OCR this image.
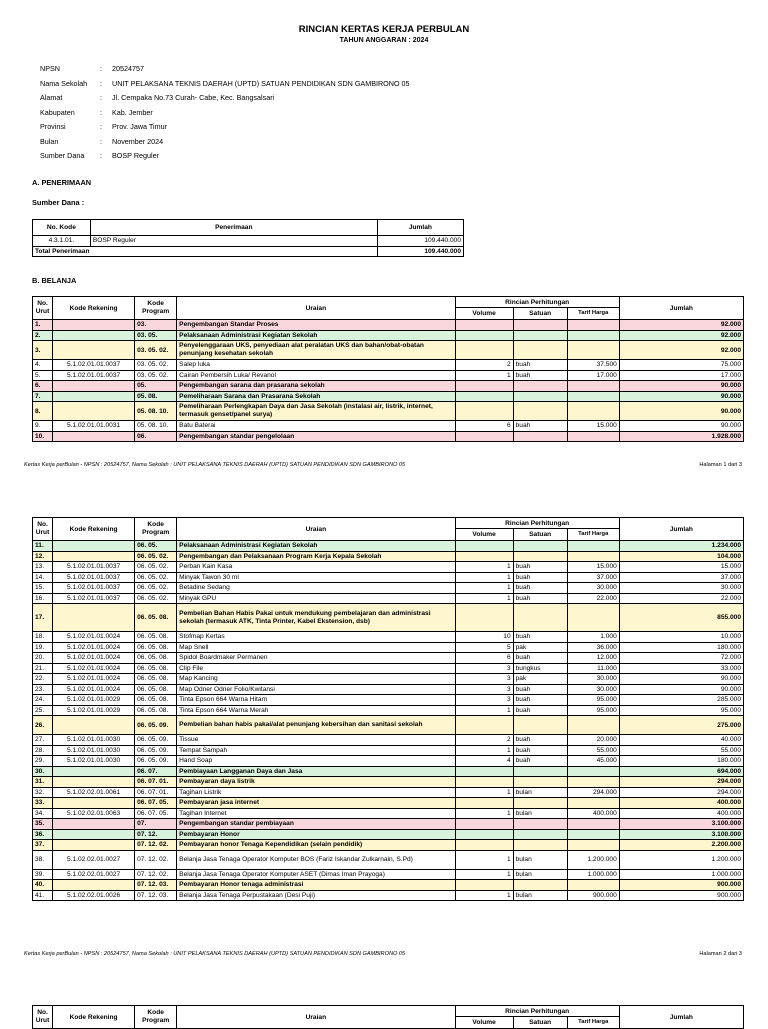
RINCIAN KERTAS KERJA PERBULAN
TAHUN ANGGARAN : 2024
NPSN	:	20524757
Nama Sekolah	:	UNIT PELAKSANA TEKNIS DAERAH (UPTD) SATUAN PENDIDIKAN SDN GAMBIRONO 05
Alamat	:	Jl. Cempaka No.73 Curah- Cabe, Kec. Bangsalsari
Kabupaten	:	Kab. Jember
Provinsi	:	Prov. Jawa Timur
Bulan	:	November 2024
Sumber Dana	:	BOSP Reguler
A. PENERIMAAN
Sumber Dana :
No. Kode	Penerimaan	Jumlah
4.3.1.01.	BOSP Reguler	109.440.000
Total Penerimaan		109.440.000
B. BELANJA
No. Urut	Kode Rekening	Kode Program	Uraian	Rincian Perhitungan			Jumlah
				Volume	Satuan	Tarif Harga	
1.		03.	Pengembangan Standar Proses				92.000
2.		03. 05.	Pelaksanaan Administrasi Kegiatan Sekolah				92.000
3.		03. 05. 02.	Penyelenggaraan UKS, penyediaan alat peralatan UKS dan bahan/obat-obatan penunjang kesehatan sekolah				92.000
4.	5.1.02.01.01.0037	03. 05. 02.	Salep luka	2	buah	37.500	75.000
5.	5.1.02.01.01.0037	03. 05. 02.	Cairan Pembersih Luka/ Revanol	1	buah	17.000	17.000
6.		05.	Pengembangan sarana dan prasarana sekolah				90.000
7.		05. 08.	Pemeliharaan Sarana dan Prasarana Sekolah				90.000
8.		05. 08. 10.	Pemeliharaan Perlengkapan Daya dan Jasa Sekolah (instalasi air, listrik, internet, termasuk genset/panel surya)				90.000
9.	5.1.02.01.01.0031	05. 08. 10.	Batu Baterai	6	buah	15.000	90.000
10.		06.	Pengembangan standar pengelolaan				1.928.000
Kertas Kerja perBulan - NPSN : 20524757, Nama Sekolah : UNIT PELAKSANA TEKNIS DAERAH (UPTD) SATUAN PENDIDIKAN SDN GAMBIRONO 05	Halaman 1 dari 3
No. Urut	Kode Rekening	Kode Program	Uraian	Rincian Perhitungan			Jumlah
				Volume	Satuan	Tarif Harga	
11.		06. 05.	Pelaksanaan Administrasi Kegiatan Sekolah				1.234.000
12.		06. 05. 02.	Pengembangan dan Pelaksanaan Program Kerja Kepala Sekolah				104.000
13.	5.1.02.01.01.0037	06. 05. 02.	Perban Kain Kasa	1	buah	15.000	15.000
14.	5.1.02.01.01.0037	06. 05. 02.	Minyak Tawon 30 ml	1	buah	37.000	37.000
15.	5.1.02.01.01.0037	06. 05. 02.	Betadine Sedang	1	buah	30.000	30.000
16.	5.1.02.01.01.0037	06. 05. 02.	Minyak GPU	1	buah	22.000	22.000
17.		06. 05. 08.	Pembelian Bahan Habis Pakai untuk mendukung pembelajaran dan administrasi sekolah (termasuk ATK, Tinta Printer, Kabel Ekstension, dsb)				855.000
18.	5.1.02.01.01.0024	06. 05. 08.	Stofmap Kertas	10	buah	1.000	10.000
19.	5.1.02.01.01.0024	06. 05. 08.	Map Snell	5	pak	36.000	180.000
20.	5.1.02.01.01.0024	06. 05. 08.	Spidol Boardmaker Permanen	6	buah	12.000	72.000
21.	5.1.02.01.01.0024	06. 05. 08.	Clip File	3	bungkus	11.000	33.000
22.	5.1.02.01.01.0024	06. 05. 08.	Map Kancing	3	pak	30.000	90.000
23.	5.1.02.01.01.0024	06. 05. 08.	Map Odner Odner Folio/Kwitansi	3	buah	30.000	90.000
24.	5.1.02.01.01.0029	06. 05. 08.	Tinta Epson 664 Warna Hitam	3	buah	95.000	285.000
25.	5.1.02.01.01.0029	06. 05. 08.	Tinta Epson 664 Warna Merah	1	buah	95.000	95.000
26.		06. 05. 09.	Pembelian bahan habis pakai/alat penunjang kebersihan dan sanitasi sekolah				275.000
27.	5.1.02.01.01.0030	06. 05. 09.	Tissue	2	buah	20.000	40.000
28.	5.1.02.01.01.0030	06. 05. 09.	Tempat Sampah	1	buah	55.000	55.000
29.	5.1.02.01.01.0030	06. 05. 09.	Hand Soap	4	buah	45.000	180.000
30.		06. 07.	Pembiayaan Langganan Daya dan Jasa				694.000
31.		06. 07. 01.	Pembayaran daya listrik				294.000
32.	5.1.02.02.01.0061	06. 07. 01.	Tagihan Listrik	1	bulan	294.000	294.000
33.		06. 07. 05.	Pembayaran jasa internet				400.000
34.	5.1.02.02.01.0063	06. 07. 05.	Tagihan Internet	1	bulan	400.000	400.000
35.		07.	Pengembangan standar pembiayaan				3.100.000
36.		07. 12.	Pembayaran Honor				3.100.000
37.		07. 12. 02.	Pembayaran honor Tenaga Kependidikan (selain pendidik)				2.200.000
38.	5.1.02.02.01.0027	07. 12. 02.	Belanja Jasa Tenaga Operator Komputer BOS (Fariz Iskandar Zulkarnain, S.Pd)	1	bulan	1.200.000	1.200.000
39.	5.1.02.02.01.0027	07. 12. 02.	Belanja Jasa Tenaga Operator Komputer ASET (Dimas Iman Prayoga)	1	bulan	1.000.000	1.000.000
40.		07. 12. 03.	Pembayaran Honor tenaga administrasi				900.000
41.	5.1.02.02.01.0026	07. 12. 03.	Belanja Jasa Tenaga Perpustakaan (Desi Puji)	1	bulan	900.000	900.000
Kertas Kerja perBulan - NPSN : 20524757, Nama Sekolah : UNIT PELAKSANA TEKNIS DAERAH (UPTD) SATUAN PENDIDIKAN SDN GAMBIRONO 05	Halaman 2 dari 3
No. Urut	Kode Rekening	Kode Program	Uraian	Rincian Perhitungan			Jumlah
				Volume	Satuan	Tarif Harga	
